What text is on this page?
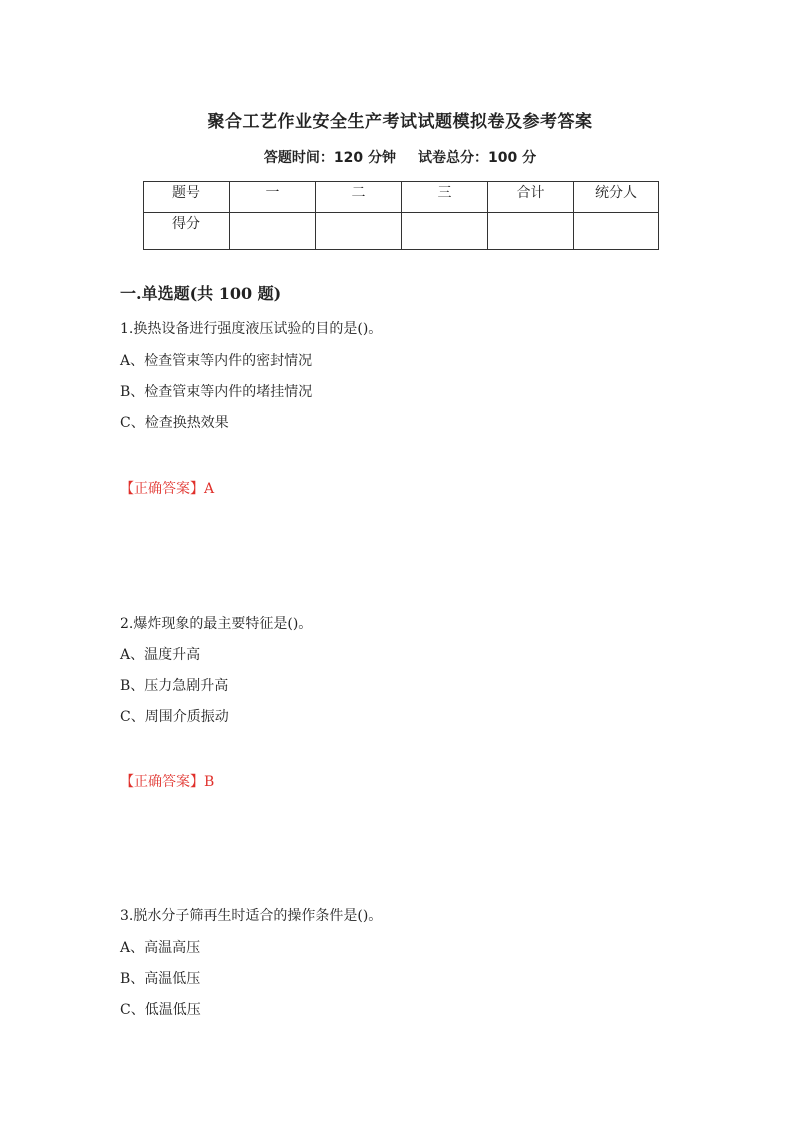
聚合工艺作业安全生产考试试题模拟卷及参考答案
答题时间：120 分钟 试卷总分：100 分
题号	一	二	三	合计	统分人
得分					
一.单选题(共 100 题)
1.换热设备进行强度液压试验的目的是()。
A、检查管束等内件的密封情况
B、检查管束等内件的堵挂情况
C、检查换热效果
【正确答案】A
2.爆炸现象的最主要特征是()。
A、温度升高
B、压力急剧升高
C、周围介质振动
【正确答案】B
3.脱水分子筛再生时适合的操作条件是()。
A、高温高压
B、高温低压
C、低温低压
